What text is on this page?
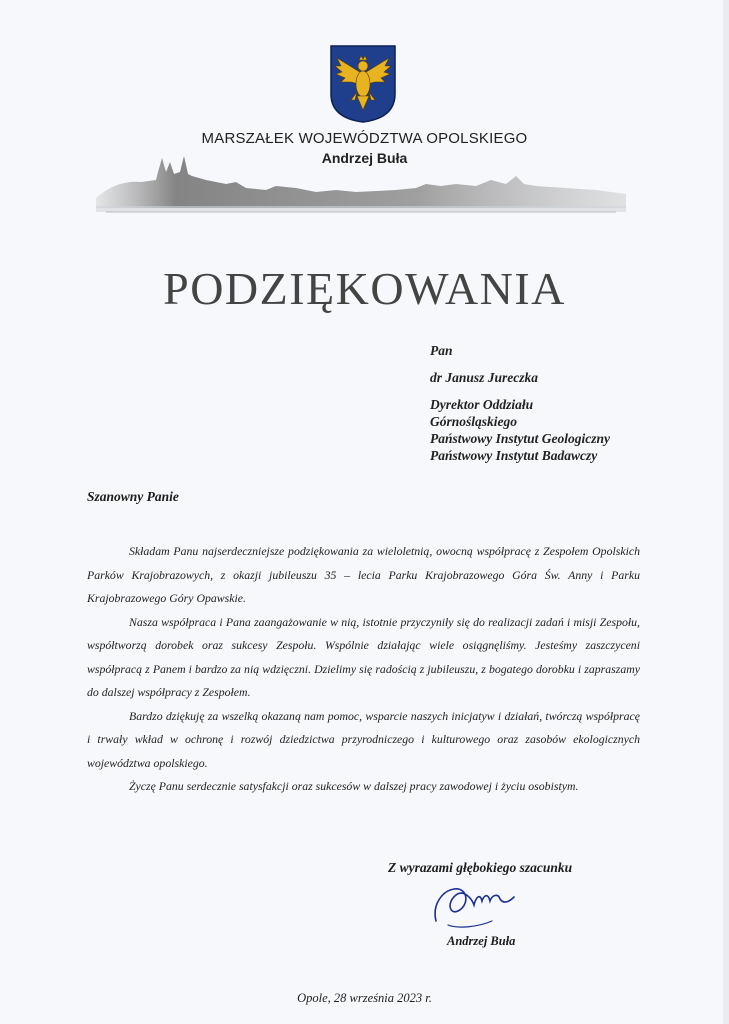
MARSZAŁEK WOJEWÓDZTWA OPOLSKIEGO
Andrzej Buła
PODZIĘKOWANIA
Pan
dr Janusz Jureczka
Dyrektor Oddziału
Górnośląskiego
Państwowy Instytut Geologiczny
Państwowy Instytut Badawczy
Szanowny Panie

Składam Panu najserdeczniejsze podziękowania za wieloletnią, owocną współpracę z Zespołem Opolskich Parków Krajobrazowych, z okazji jubileuszu 35 – lecia Parku Krajobrazowego Góra Św. Anny i Parku Krajobrazowego Góry Opawskie.

Nasza współpraca i Pana zaangażowanie w nią, istotnie przyczyniły się do realizacji zadań i misji Zespołu, współtworzą dorobek oraz sukcesy Zespołu. Wspólnie działając wiele osiągnęliśmy. Jesteśmy zaszczyceni współpracą z Panem i bardzo za nią wdzięczni. Dzielimy się radością z jubileuszu, z bogatego dorobku i zapraszamy do dalszej współpracy z Zespołem.

Bardzo dziękuję za wszelką okazaną nam pomoc, wsparcie naszych inicjatyw i działań, twórczą współpracę i trwały wkład w ochronę i rozwój dziedzictwa przyrodniczego i kulturowego oraz zasobów ekologicznych województwa opolskiego.

Życzę Panu serdecznie satysfakcji oraz sukcesów w dalszej pracy zawodowej i życiu osobistym.

Z wyrazami głębokiego szacunku
Andrzej Buła
Opole, 28 września 2023 r.
